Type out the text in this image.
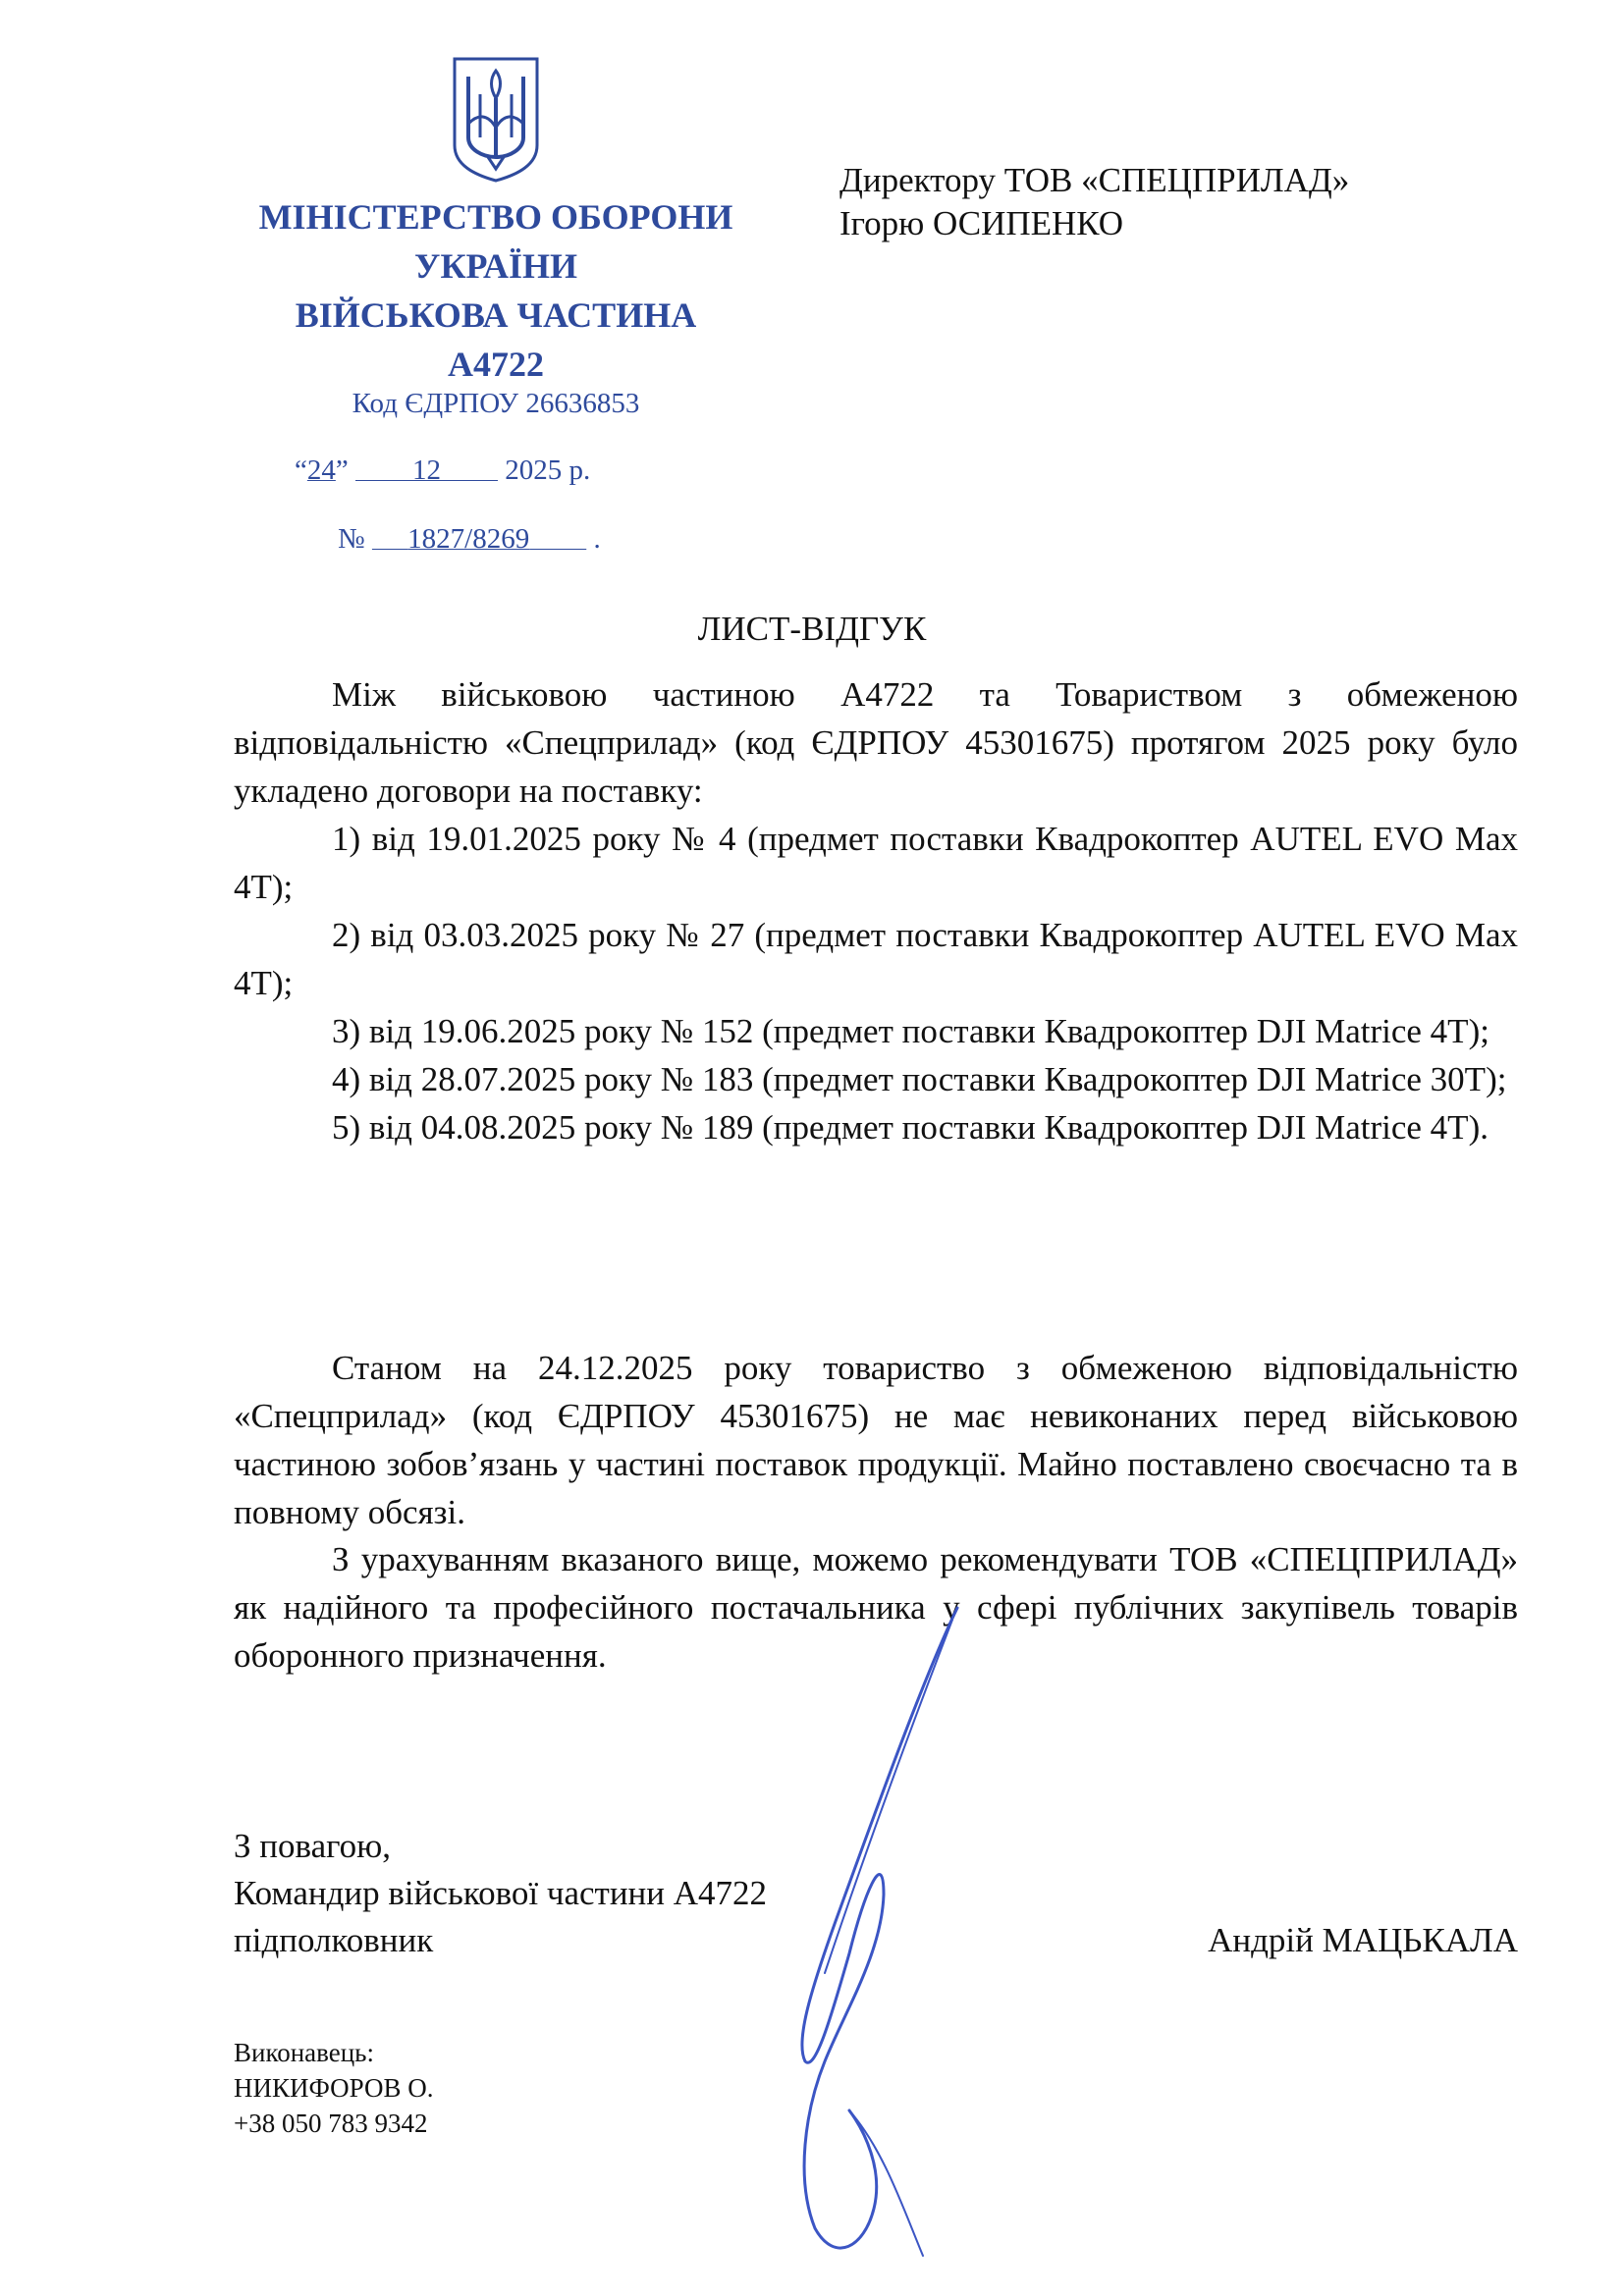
МІНІСТЕРСТВО ОБОРОНИ
УКРАЇНИ
ВІЙСЬКОВА ЧАСТИНА
А4722
Код ЄДРПОУ 26636853
“24”         12 2025 р.
№ 1827/8269         .
Директору ТОВ «СПЕЦПРИЛАД»
Ігорю ОСИПЕНКО
ЛИСТ-ВІДГУК
Між військовою частиною А4722 та Товариством з обмеженою відповідальністю «Спецприлад» (код ЄДРПОУ 45301675) протягом 2025 року було укладено договори на поставку:
1) від 19.01.2025 року № 4 (предмет поставки Квадрокоптер AUTEL EVO Max 4T);
2) від 03.03.2025 року № 27 (предмет поставки Квадрокоптер AUTEL EVO Max 4T);
3) від 19.06.2025 року № 152 (предмет поставки Квадрокоптер DJI Matrice 4T);
4) від 28.07.2025 року № 183 (предмет поставки Квадрокоптер DJI Matrice 30T);
5) від 04.08.2025 року № 189 (предмет поставки Квадрокоптер DJI Matrice 4T).
Станом на 24.12.2025 року товариство з обмеженою відповідальністю «Спецприлад» (код ЄДРПОУ 45301675) не має невиконаних перед військовою частиною зобов’язань у частині поставок продукції. Майно поставлено своєчасно та в повному обсязі.
З урахуванням вказаного вище, можемо рекомендувати ТОВ «СПЕЦПРИЛАД» як надійного та професійного постачальника у сфері публічних закупівель товарів оборонного призначення.
З повагою,
Командир військової частини А4722
підполковник	Андрій МАЦЬКАЛА
Виконавець:
НИКИФОРОВ О.
+38 050 783 9342
